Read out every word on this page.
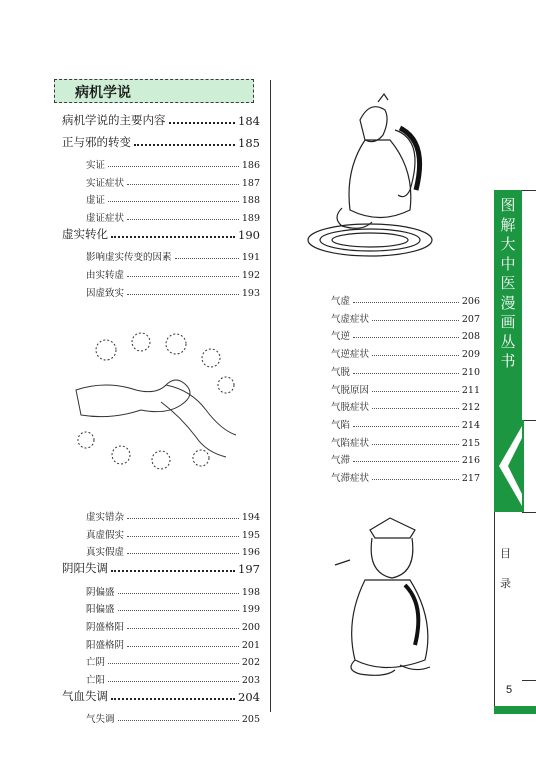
病机学说
病机学说的主要内容	184
正与邪的转变	185
实证	186
实证症状	187
虚证	188
虚证症状	189
虚实转化	190
影响虚实传变的因素	191
由实转虚	192
因虚致实	193
虚实错杂	194
真虚假实	195
真实假虚	196
阴阳失调	197
阴偏盛	198
阳偏盛	199
阴盛格阳	200
阳盛格阴	201
亡阴	202
亡阳	203
气血失调	204
气失调	205
气虚	206
气虚症状	207
气逆	208
气逆症状	209
气脱	210
气脱原因	211
气脱症状	212
气陷	214
气陷症状	215
气滞	216
气滞症状	217
图
解
大
中
医
漫
画
丛
书
目
录
5
